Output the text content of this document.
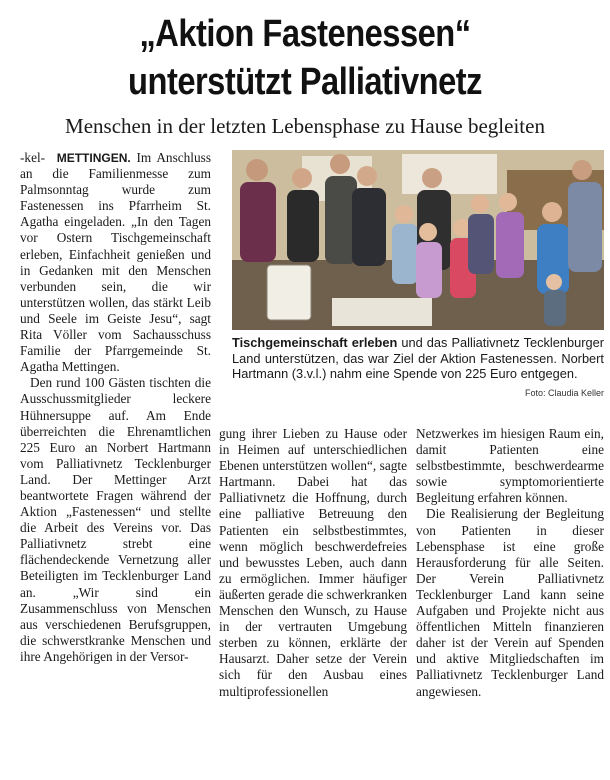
„Aktion Fastenessen“
unterstützt Palliativnetz
Menschen in der letzten Lebensphase zu Hause begleiten

-kel- METTINGEN. Im Anschluss an die Familienmesse zum Palmsonntag wurde zum Fastenessen ins Pfarrheim St. Agatha eingeladen. „In den Tagen vor Ostern Tischgemeinschaft erleben, Einfachheit genießen und in Gedanken mit den Menschen verbunden sein, die wir unterstützen wollen, das stärkt Leib und Seele im Geiste Jesu“, sagt Rita Völler vom Sachausschuss Familie der Pfarrgemeinde St. Agatha Mettingen.

Den rund 100 Gästen tischten die Ausschussmitglieder leckere Hühnersuppe auf. Am Ende überreichten die Ehrenamtlichen 225 Euro an Norbert Hartmann vom Palliativnetz Tecklenburger Land. Der Mettinger Arzt beantwortete Fragen während der Aktion „Fastenessen“ und stellte die Arbeit des Vereins vor. Das Palliativnetz strebt eine flächendeckende Vernetzung aller Beteiligten im Tecklenburger Land an. „Wir sind ein Zusammenschluss von Menschen aus verschiedenen Berufsgruppen, die schwerstkranke Menschen und ihre Angehörigen in der Versor-

Tischgemeinschaft erleben und das Palliativnetz Tecklenburger Land unterstützen, das war Ziel der Aktion Fastenessen. Norbert Hartmann (3.v.l.) nahm eine Spende von 225 Euro entgegen.
Foto: Claudia Keller

gung ihrer Lieben zu Hause oder in Heimen auf unterschiedlichen Ebenen unterstützen wollen“, sagte Hartmann. Dabei hat das Palliativnetz die Hoffnung, durch eine palliative Betreuung den Patienten ein selbstbestimmtes, wenn möglich beschwerdefreies und bewusstes Leben, auch dann zu ermöglichen. Immer häufiger äußerten gerade die schwerkranken Menschen den Wunsch, zu Hause in der vertrauten Umgebung sterben zu können, erklärte der Hausarzt. Daher setze der Verein sich für den Ausbau eines multiprofessionellen

Netzwerkes im hiesigen Raum ein, damit Patienten eine selbstbestimmte, beschwerdearme sowie symptomorientierte Begleitung erfahren können.

Die Realisierung der Begleitung von Patienten in dieser Lebensphase ist eine große Herausforderung für alle Seiten. Der Verein Palliativnetz Tecklenburger Land kann seine Aufgaben und Projekte nicht aus öffentlichen Mitteln finanzieren daher ist der Verein auf Spenden und aktive Mitgliedschaften im Palliativnetz Tecklenburger Land angewiesen.
